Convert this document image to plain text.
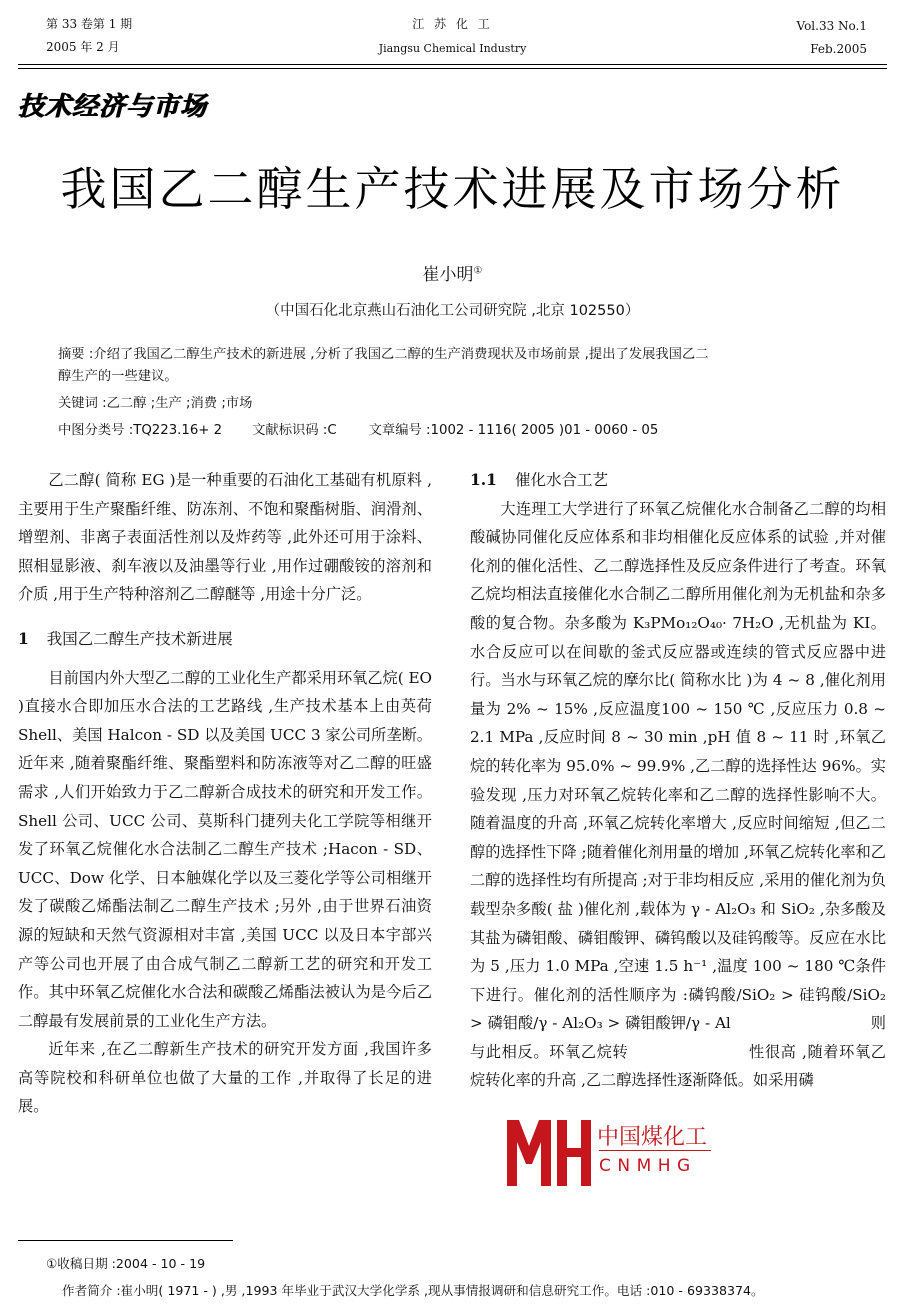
第 33 卷第 1 期
2005 年 2 月
江 苏 化 工
Jiangsu Chemical Industry
Vol.33 No.1
Feb.2005
技术经济与市场
我国乙二醇生产技术进展及市场分析
崔小明①
（中国石化北京燕山石油化工公司研究院 ,北京 102550）
摘要 :介绍了我国乙二醇生产技术的新进展 ,分析了我国乙二醇的生产消费现状及市场前景 ,提出了发展我国乙二
醇生产的一些建议。
关键词 :乙二醇 ;生产 ;消费 ;市场
中图分类号 :TQ223.16+ 2 文献标识码 :C 文章编号 :1002 - 1116( 2005 )01 - 0060 - 05

乙二醇( 简称 EG )是一种重要的石油化工基础有机原料 ,主要用于生产聚酯纤维、防冻剂、不饱和聚酯树脂、润滑剂、增塑剂、非离子表面活性剂以及炸药等 ,此外还可用于涂料、照相显影液、刹车液以及油墨等行业 ,用作过硼酸铵的溶剂和介质 ,用于生产特种溶剂乙二醇醚等 ,用途十分广泛。

1 我国乙二醇生产技术新进展

目前国内外大型乙二醇的工业化生产都采用环氧乙烷( EO )直接水合即加压水合法的工艺路线 ,生产技术基本上由英荷 Shell、美国 Halcon - SD 以及美国 UCC 3 家公司所垄断。近年来 ,随着聚酯纤维、聚酯塑料和防冻液等对乙二醇的旺盛需求 ,人们开始致力于乙二醇新合成技术的研究和开发工作。Shell 公司、UCC 公司、莫斯科门捷列夫化工学院等相继开发了环氧乙烷催化水合法制乙二醇生产技术 ;Hacon - SD、UCC、Dow 化学、日本触媒化学以及三菱化学等公司相继开发了碳酸乙烯酯法制乙二醇生产技术 ;另外 ,由于世界石油资源的短缺和天然气资源相对丰富 ,美国 UCC 以及日本宇部兴产等公司也开展了由合成气制乙二醇新工艺的研究和开发工作。其中环氧乙烷催化水合法和碳酸乙烯酯法被认为是今后乙二醇最有发展前景的工业化生产方法。

近年来 ,在乙二醇新生产技术的研究开发方面 ,我国许多高等院校和科研单位也做了大量的工作 ,并取得了长足的进展。

1.1 催化水合工艺

大连理工大学进行了环氧乙烷催化水合制备乙二醇的均相酸碱协同催化反应体系和非均相催化反应体系的试验 ,并对催化剂的催化活性、乙二醇选择性及反应条件进行了考查。环氧乙烷均相法直接催化水合制乙二醇所用催化剂为无机盐和杂多酸的复合物。杂多酸为 K₃PMo₁₂O₄₀· 7H₂O ,无机盐为 KI。水合反应可以在间歇的釜式反应器或连续的管式反应器中进行。当水与环氧乙烷的摩尔比( 简称水比 )为 4 ~ 8 ,催化剂用量为 2% ~ 15% ,反应温度100 ~ 150 ℃ ,反应压力 0.8 ~ 2.1 MPa ,反应时间 8 ~ 30 min ,pH 值 8 ~ 11 时 ,环氧乙烷的转化率为 95.0% ~ 99.9% ,乙二醇的选择性达 96%。实验发现 ,压力对环氧乙烷转化率和乙二醇的选择性影响不大。随着温度的升高 ,环氧乙烷转化率增大 ,反应时间缩短 ,但乙二醇的选择性下降 ;随着催化剂用量的增加 ,环氧乙烷转化率和乙二醇的选择性均有所提高 ;对于非均相反应 ,采用的催化剂为负载型杂多酸( 盐 )催化剂 ,载体为 γ - Al₂O₃ 和 SiO₂ ,杂多酸及其盐为磷钼酸、磷钼酸钾、磷钨酸以及硅钨酸等。反应在水比为 5 ,压力 1.0 MPa ,空速 1.5 h⁻¹ ,温度 100 ~ 180 ℃条件下进行。催化剂的活性顺序为 :磷钨酸/SiO₂ > 硅钨酸/SiO₂ > 磷钼酸/γ - Al₂O₃ > 磷钼酸钾/γ - Al	则与此相反。环氧乙烷转	性很高 ,随着环氧乙烷转化率的升高 ,乙二醇选择性逐渐降低。如采用磷

中国煤化工
CNMHG
①收稿日期 :2004 - 10 - 19
作者简介 :崔小明( 1971 - ) ,男 ,1993 年毕业于武汉大学化学系 ,现从事情报调研和信息研究工作。电话 :010 - 69338374。
